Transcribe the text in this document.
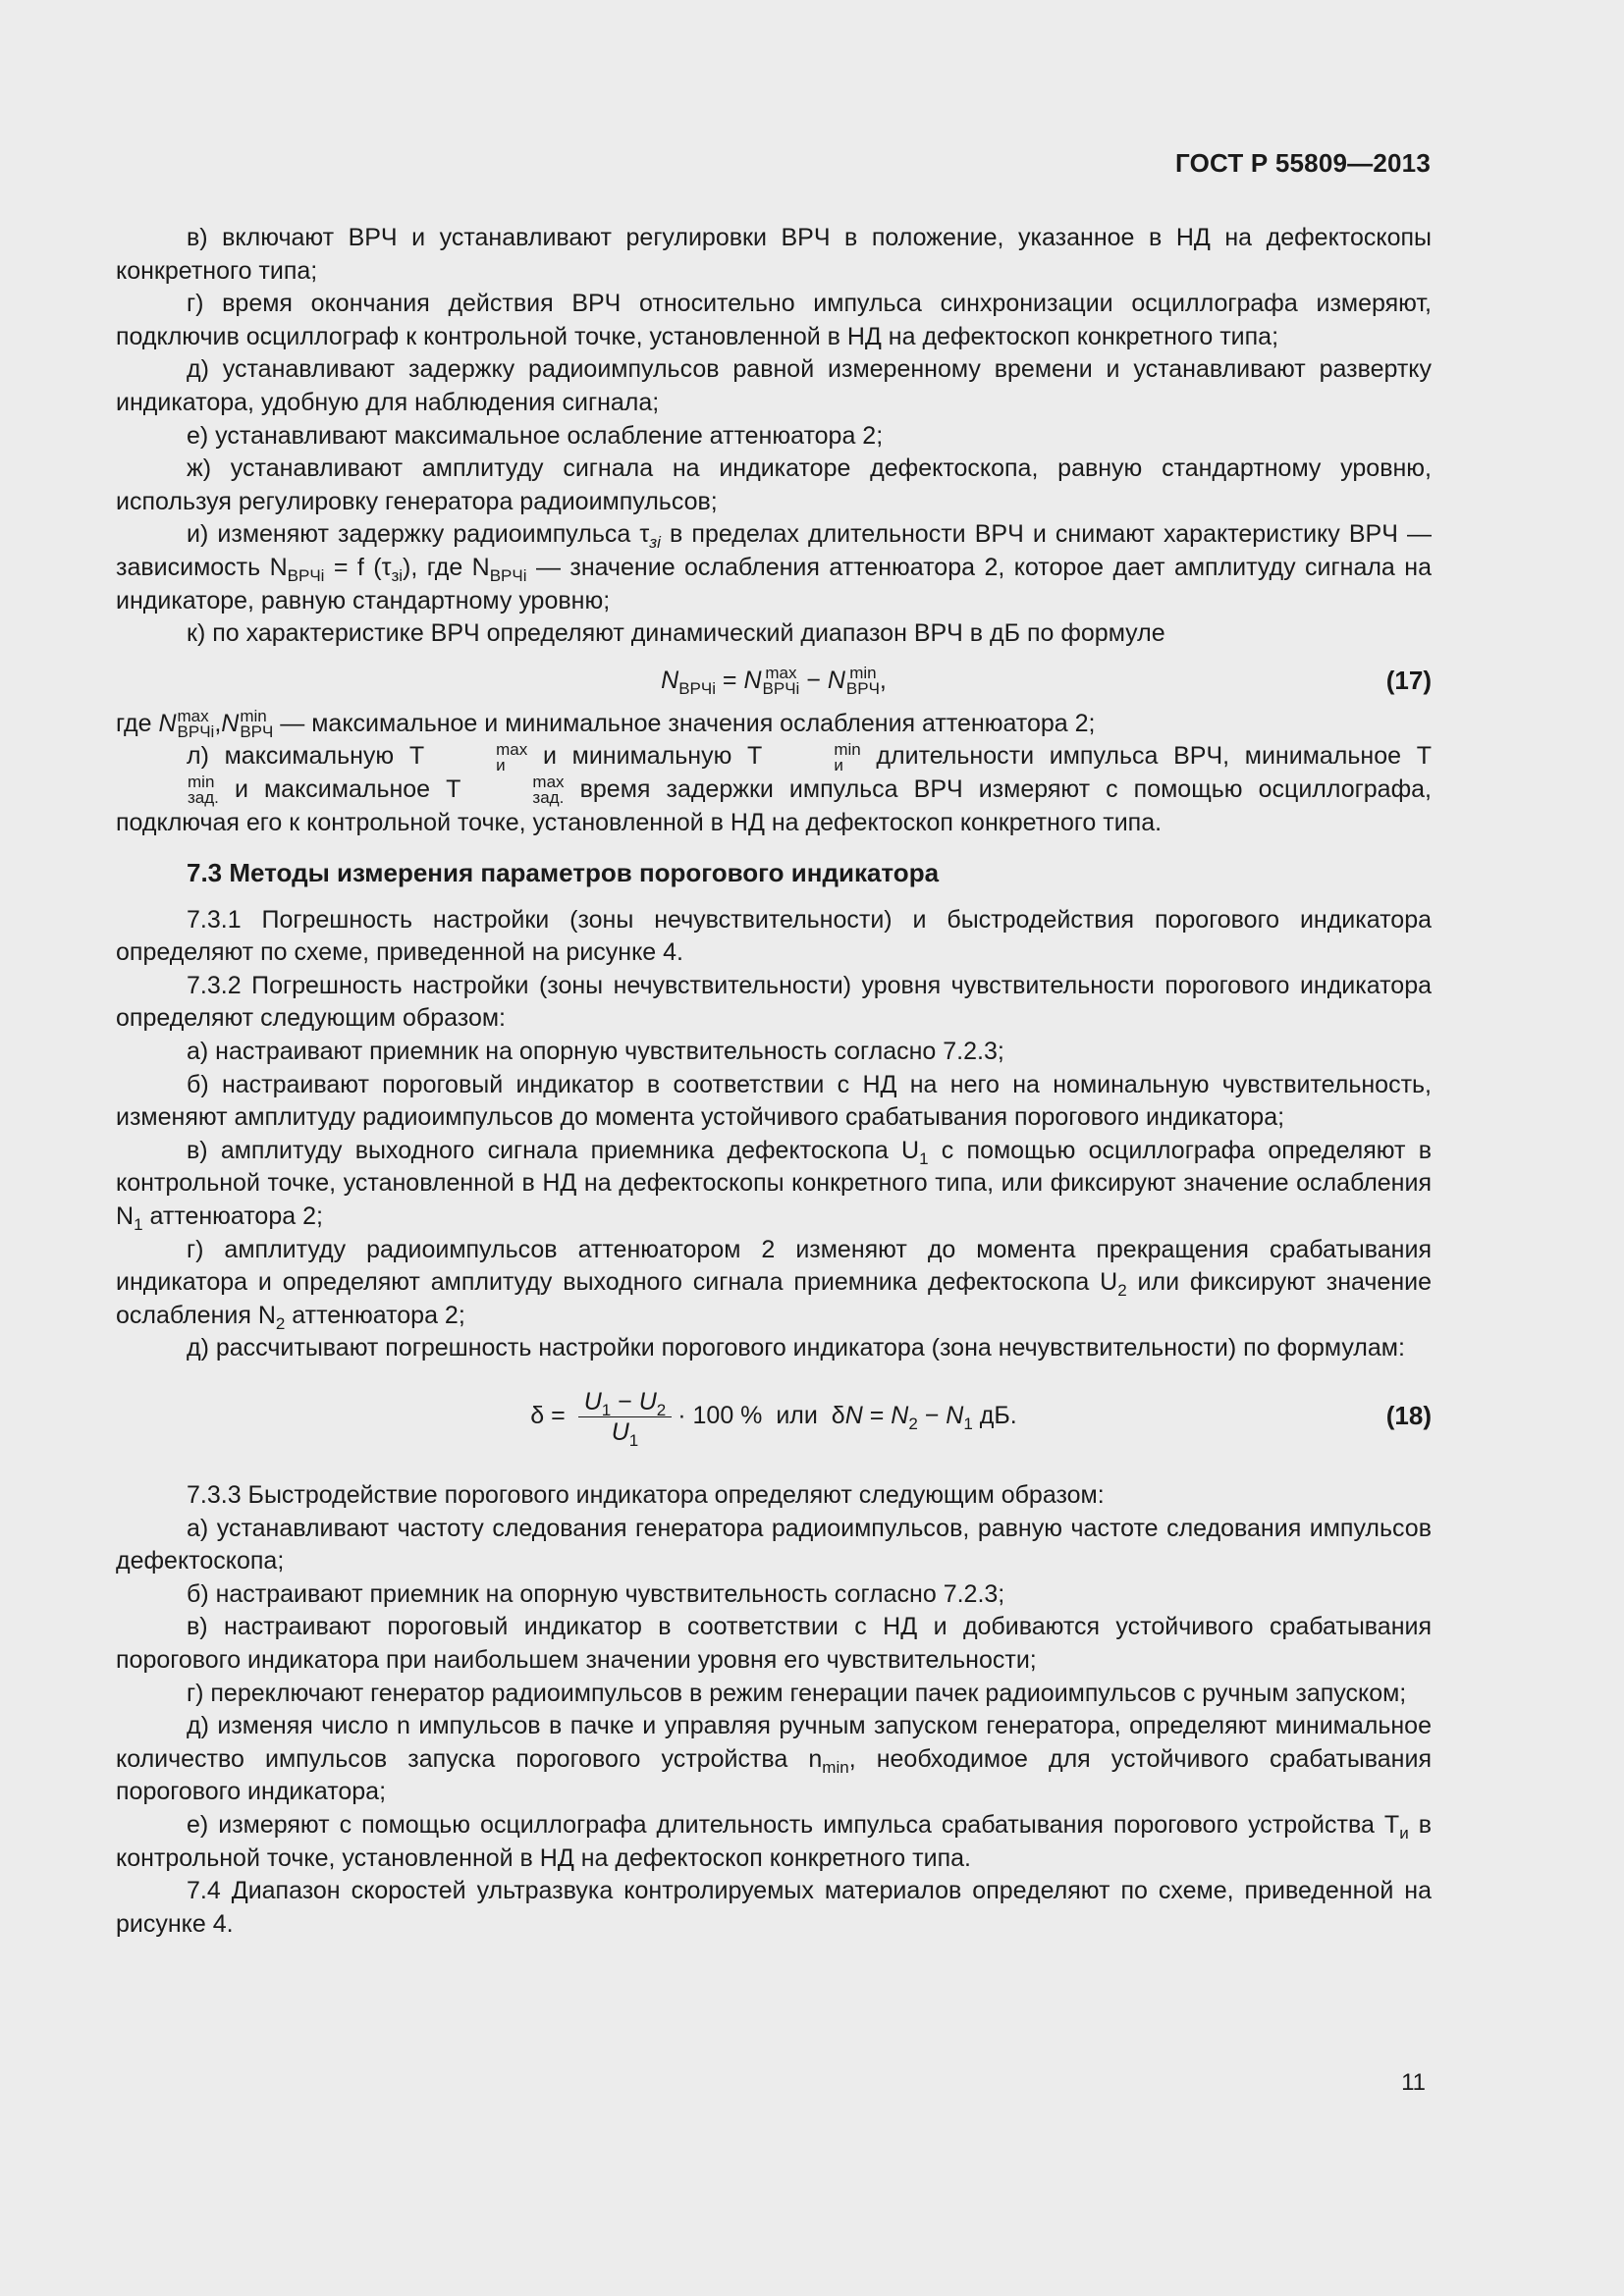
ГОСТ Р 55809—2013

в) включают ВРЧ и устанавливают регулировки ВРЧ в положение, указанное в НД на дефектоскопы конкретного типа;

г) время окончания действия ВРЧ относительно импульса синхронизации осциллографа измеряют, подключив осциллограф к контрольной точке, установленной в НД на дефектоскоп конкретного типа;

д) устанавливают задержку радиоимпульсов равной измеренному времени и устанавливают развертку индикатора, удобную для наблюдения сигнала;

е) устанавливают максимальное ослабление аттенюатора 2;

ж) устанавливают амплитуду сигнала на индикаторе дефектоскопа, равную стандартному уровню, используя регулировку генератора радиоимпульсов;

и) изменяют задержку радиоимпульса $\tau_{зi}$ в пределах длительности ВРЧ и снимают характеристику ВРЧ — зависимость $N_{ВРЧi} = f$ $(\tau_{зi})$, где $N_{ВРЧi}$ — значение ослабления аттенюатора 2, которое дает амплитуду сигнала на индикаторе, равную стандартному уровню;

к) по характеристике ВРЧ определяют динамический диапазон ВРЧ в дБ по формуле

$N_{ВРЧi} = N$ max
ВРЧi − N min
ВРЧ ,	(17)

где N max
ВРЧi ,N min
ВРЧ — максимальное и минимальное значения ослабления аттенюатора 2;

л) максимальную T	max
и и минимальную T	min
и длительности импульса ВРЧ, минимальное T
min
зад. и максимальное T	max
зад. время задержки импульса ВРЧ измеряют с помощью осциллографа, подключая его к контрольной точке, установленной в НД на дефектоскоп конкретного типа.

7.3 Методы измерения параметров порогового индикатора

7.3.1 Погрешность настройки (зоны нечувствительности) и быстродействия порогового индикатора определяют по схеме, приведенной на рисунке 4.

7.3.2 Погрешность настройки (зоны нечувствительности) уровня чувствительности порогового индикатора определяют следующим образом:

а) настраивают приемник на опорную чувствительность согласно 7.2.3;

б) настраивают пороговый индикатор в соответствии с НД на него на номинальную чувствительность, изменяют амплитуду радиоимпульсов до момента устойчивого срабатывания порогового индикатора;

в) амплитуду выходного сигнала приемника дефектоскопа $U_1$ с помощью осциллографа определяют в контрольной точке, установленной в НД на дефектоскопы конкретного типа, или фиксируют значение ослабления $N_1$ аттенюатора 2;

г) амплитуду радиоимпульсов аттенюатором 2 изменяют до момента прекращения срабатывания индикатора и определяют амплитуду выходного сигнала приемника дефектоскопа $U_2$ или фиксируют значение ослабления $N_2$ аттенюатора 2;

д) рассчитывают погрешность настройки порогового индикатора (зона нечувствительности) по формулам:

$\delta = \frac{U_1 - U_2}{U_1} \cdot 100$ % или $\delta N = N_2 - N_1$ дБ.	(18)

7.3.3 Быстродействие порогового индикатора определяют следующим образом:

а) устанавливают частоту следования генератора радиоимпульсов, равную частоте следования импульсов дефектоскопа;

б) настраивают приемник на опорную чувствительность согласно 7.2.3;

в) настраивают пороговый индикатор в соответствии с НД и добиваются устойчивого срабатывания порогового индикатора при наибольшем значении уровня его чувствительности;

г) переключают генератор радиоимпульсов в режим генерации пачек радиоимпульсов с ручным запуском;

д) изменяя число n импульсов в пачке и управляя ручным запуском генератора, определяют минимальное количество импульсов запуска порогового устройства $n_{min}$, необходимое для устойчивого срабатывания порогового индикатора;

е) измеряют с помощью осциллографа длительность импульса срабатывания порогового устройства $T_и$ в контрольной точке, установленной в НД на дефектоскоп конкретного типа.

7.4 Диапазон скоростей ультразвука контролируемых материалов определяют по схеме, приведенной на рисунке 4.

11
